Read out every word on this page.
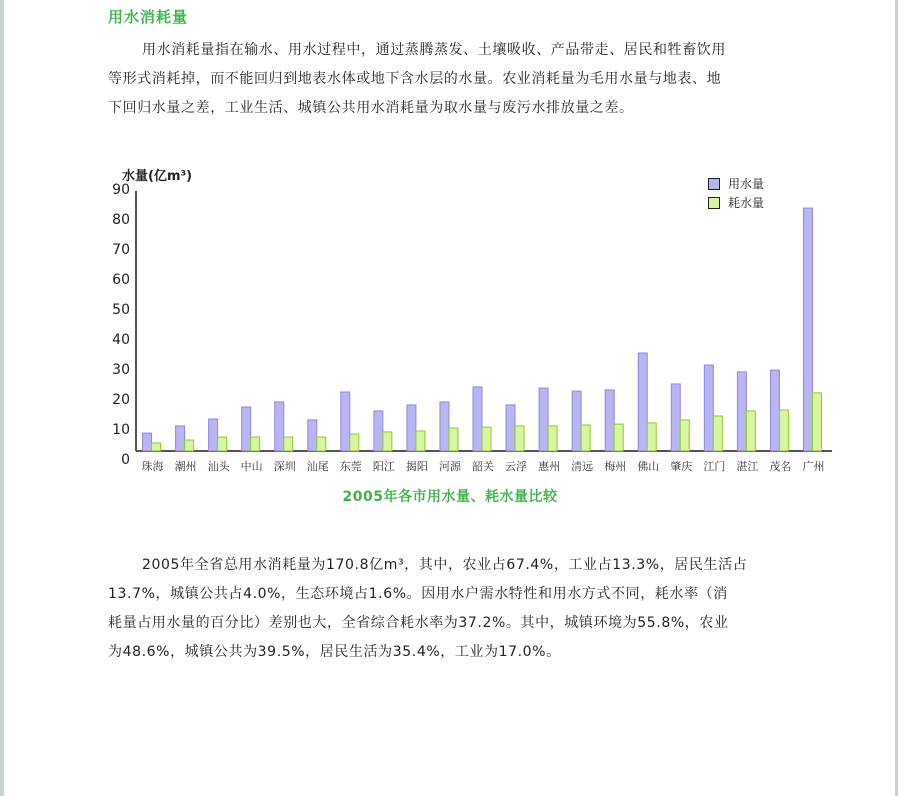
用水消耗量

用水消耗量指在输水、用水过程中，通过蒸腾蒸发、土壤吸收、产品带走、居民和牲畜饮用

等形式消耗掉，而不能回归到地表水体或地下含水层的水量。农业消耗量为毛用水量与地表、地

下回归水量之差，工业生活、城镇公共用水消耗量为取水量与废污水排放量之差。

水量(亿m³)
0
10
20
30
40
50
60
70
80
90
珠海	潮州	汕头	中山	深圳	汕尾	东莞	阳江	揭阳	河源	韶关	云浮	惠州	清远	梅州	佛山	肇庆	江门	湛江	茂名	广州
用水量
耗水量
2005年各市用水量、耗水量比较

2005年全省总用水消耗量为170.8亿m³，其中，农业占67.4%，工业占13.3%，居民生活占

13.7%，城镇公共占4.0%，生态环境占1.6%。因用水户需水特性和用水方式不同，耗水率（消

耗量占用水量的百分比）差别也大，全省综合耗水率为37.2%。其中，城镇环境为55.8%，农业

为48.6%，城镇公共为39.5%，居民生活为35.4%，工业为17.0%。
